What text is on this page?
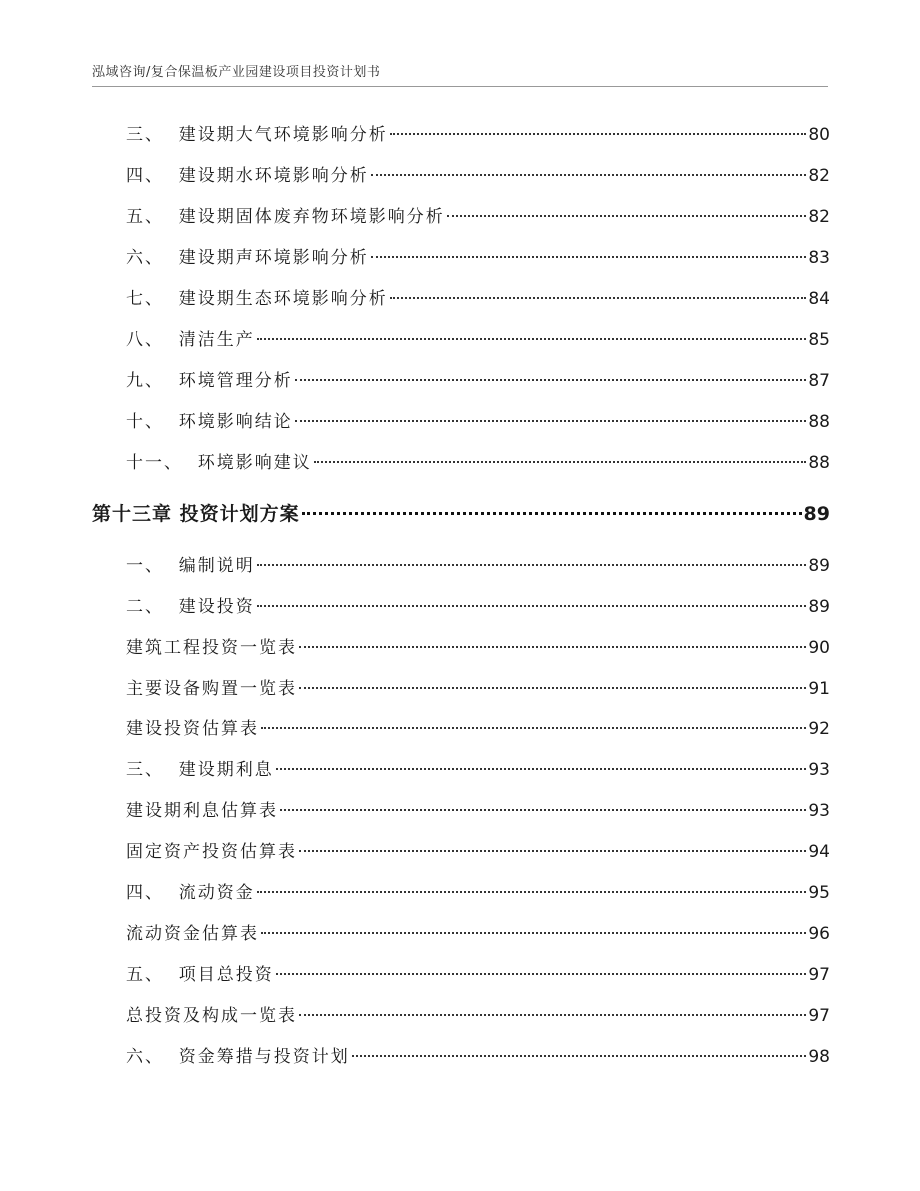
泓域咨询/复合保温板产业园建设项目投资计划书
三、  建设期大气环境影响分析	80
四、  建设期水环境影响分析	82
五、  建设期固体废弃物环境影响分析	82
六、  建设期声环境影响分析	83
七、  建设期生态环境影响分析	84
八、  清洁生产	85
九、  环境管理分析	87
十、  环境影响结论	88
十一、  环境影响建议	88
第十三章 投资计划方案	89
一、  编制说明	89
二、  建设投资	89
建筑工程投资一览表	90
主要设备购置一览表	91
建设投资估算表	92
三、  建设期利息	93
建设期利息估算表	93
固定资产投资估算表	94
四、  流动资金	95
流动资金估算表	96
五、  项目总投资	97
总投资及构成一览表	97
六、  资金筹措与投资计划	98
